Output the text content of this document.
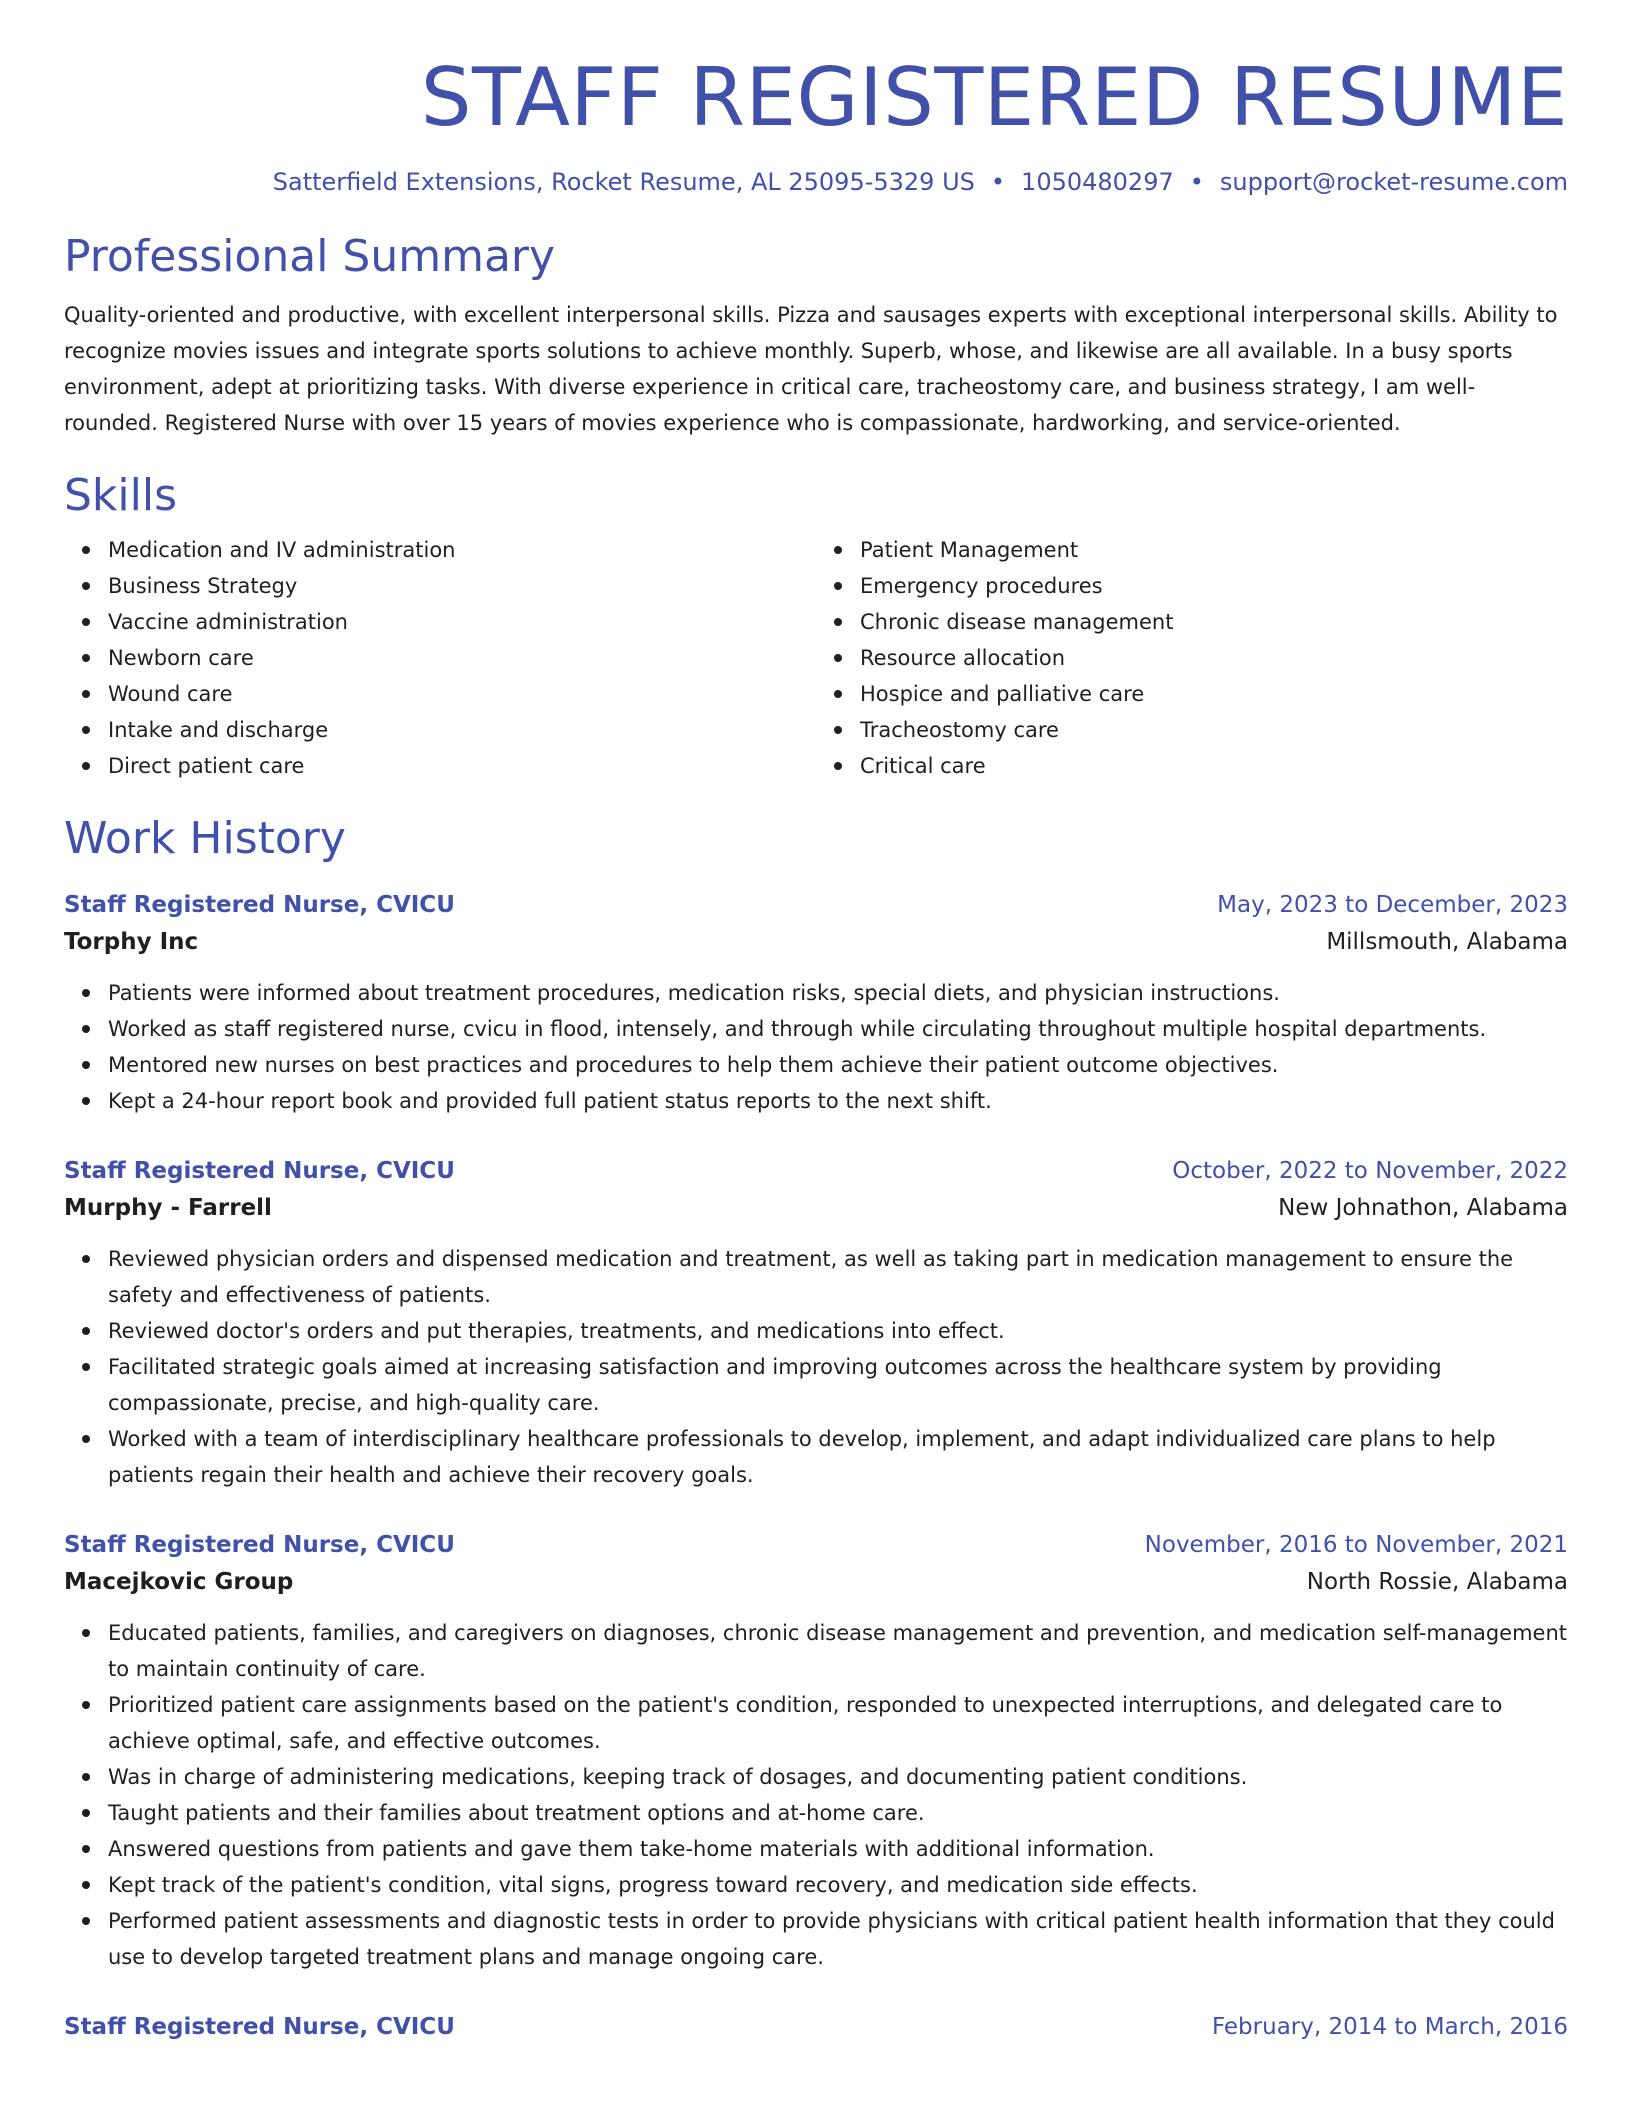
STAFF REGISTERED RESUME
Satterfield Extensions, Rocket Resume, AL 25095-5329 US • 1050480297 • support@rocket-resume.com
Professional Summary

Quality-oriented and productive, with excellent interpersonal skills. Pizza and sausages experts with exceptional interpersonal skills. Ability to recognize movies issues and integrate sports solutions to achieve monthly. Superb, whose, and likewise are all available. In a busy sports environment, adept at prioritizing tasks. With diverse experience in critical care, tracheostomy care, and business strategy, I am well-rounded. Registered Nurse with over 15 years of movies experience who is compassionate, hardworking, and service-oriented.

Skills
Medication and IV administration
Business Strategy
Vaccine administration
Newborn care
Wound care
Intake and discharge
Direct patient care
Patient Management
Emergency procedures
Chronic disease management
Resource allocation
Hospice and palliative care
Tracheostomy care
Critical care
Work History
Staff Registered Nurse, CVICU	May, 2023 to December, 2023
Torphy Inc	Millsmouth, Alabama
Patients were informed about treatment procedures, medication risks, special diets, and physician instructions.
Worked as staff registered nurse, cvicu in flood, intensely, and through while circulating throughout multiple hospital departments.
Mentored new nurses on best practices and procedures to help them achieve their patient outcome objectives.
Kept a 24-hour report book and provided full patient status reports to the next shift.
Staff Registered Nurse, CVICU	October, 2022 to November, 2022
Murphy - Farrell	New Johnathon, Alabama
Reviewed physician orders and dispensed medication and treatment, as well as taking part in medication management to ensure the safety and effectiveness of patients.
Reviewed doctor's orders and put therapies, treatments, and medications into effect.
Facilitated strategic goals aimed at increasing satisfaction and improving outcomes across the healthcare system by providing compassionate, precise, and high-quality care.
Worked with a team of interdisciplinary healthcare professionals to develop, implement, and adapt individualized care plans to help patients regain their health and achieve their recovery goals.
Staff Registered Nurse, CVICU	November, 2016 to November, 2021
Macejkovic Group	North Rossie, Alabama
Educated patients, families, and caregivers on diagnoses, chronic disease management and prevention, and medication self-management to maintain continuity of care.
Prioritized patient care assignments based on the patient's condition, responded to unexpected interruptions, and delegated care to achieve optimal, safe, and effective outcomes.
Was in charge of administering medications, keeping track of dosages, and documenting patient conditions.
Taught patients and their families about treatment options and at-home care.
Answered questions from patients and gave them take-home materials with additional information.
Kept track of the patient's condition, vital signs, progress toward recovery, and medication side effects.
Performed patient assessments and diagnostic tests in order to provide physicians with critical patient health information that they could use to develop targeted treatment plans and manage ongoing care.
Staff Registered Nurse, CVICU	February, 2014 to March, 2016
